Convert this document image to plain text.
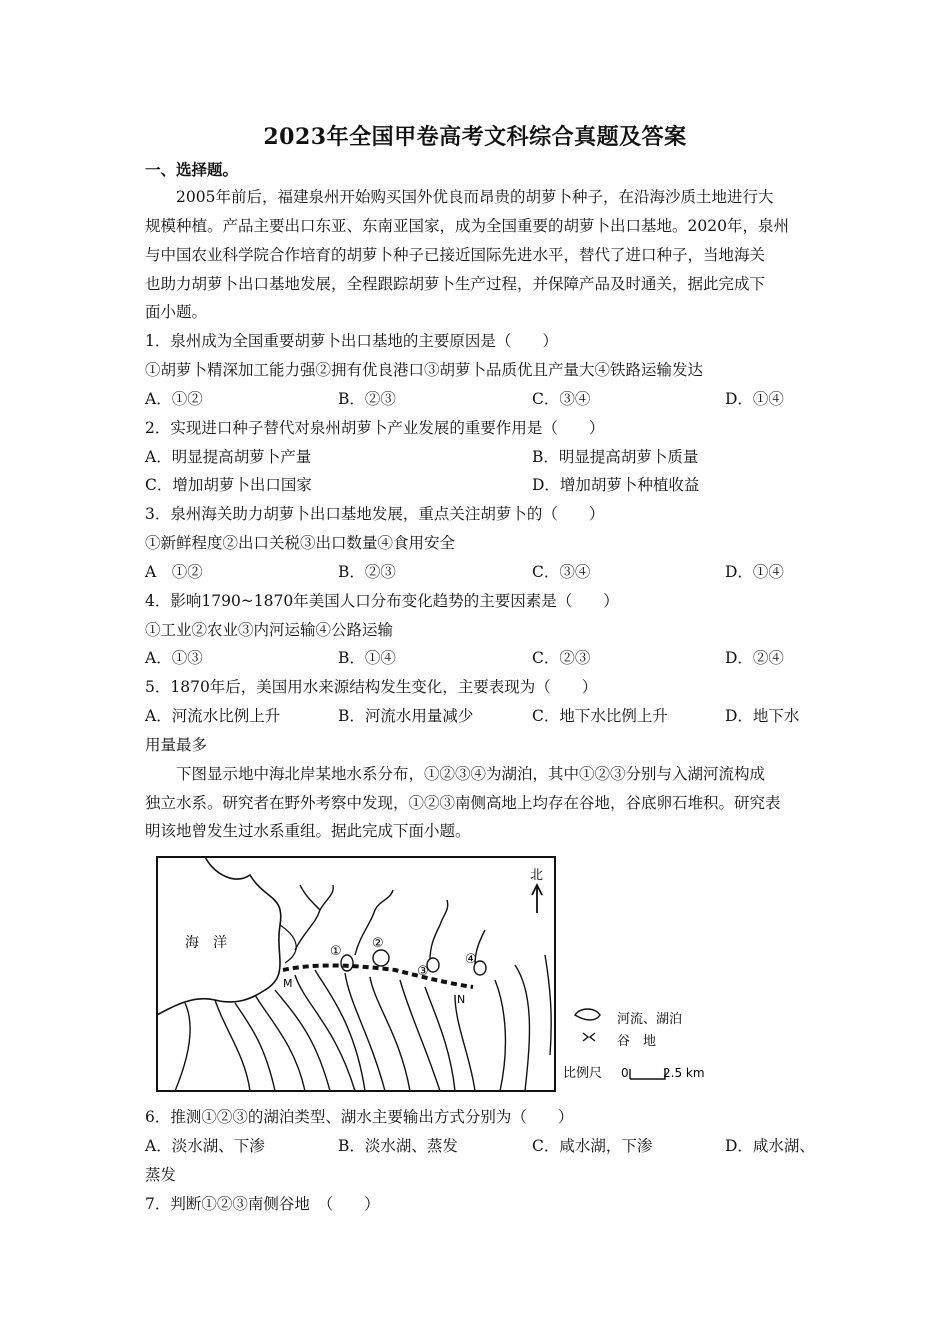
2023年全国甲卷高考文科综合真题及答案
一、选择题。
2005年前后，福建泉州开始购买国外优良而昂贵的胡萝卜种子，在沿海沙质土地进行大
规模种植。产品主要出口东亚、东南亚国家，成为全国重要的胡萝卜出口基地。2020年，泉州
与中国农业科学院合作培育的胡萝卜种子已接近国际先进水平，替代了进口种子，当地海关
也助力胡萝卜出口基地发展，全程跟踪胡萝卜生产过程，并保障产品及时通关，据此完成下
面小题。
1．泉州成为全国重要胡萝卜出口基地的主要原因是（　　）
①胡萝卜精深加工能力强②拥有优良港口③胡萝卜品质优且产量大④铁路运输发达
A．①②	B．②③	C．③④	D．①④
2．实现进口种子替代对泉州胡萝卜产业发展的重要作用是（　　）
A．明显提高胡萝卜产量	B．明显提高胡萝卜质量
C．增加胡萝卜出口国家	D．增加胡萝卜种植收益
3．泉州海关助力胡萝卜出口基地发展，重点关注胡萝卜的（　　）
①新鲜程度②出口关税③出口数量④食用安全
A　①②	B．②③	C．③④	D．①④
4．影响1790~1870年美国人口分布变化趋势的主要因素是（　　）
①工业②农业③内河运输④公路运输
A．①③	B．①④	C．②③	D．②④
5．1870年后，美国用水来源结构发生变化，主要表现为（　　）
A．河流水比例上升	B．河流水用量减少	C．地下水比例上升	D．地下水
用量最多
下图显示地中海北岸某地水系分布，①②③④为湖泊，其中①②③分别与入湖河流构成
独立水系。研究者在野外考察中发现，①②③南侧高地上均存在谷地，谷底卵石堆积。研究表
明该地曾发生过水系重组。据此完成下面小题。
海　洋
M
N
①
②
③
④
北
河流、湖泊
谷　地
比例尺 0	2.5 km
6．推测①②③的湖泊类型、湖水主要输出方式分别为（　　）
A．淡水湖、下渗	B．淡水湖、蒸发	C．咸水湖，下渗	D．咸水湖、
蒸发
7．判断①②③南侧谷地　（　　）
